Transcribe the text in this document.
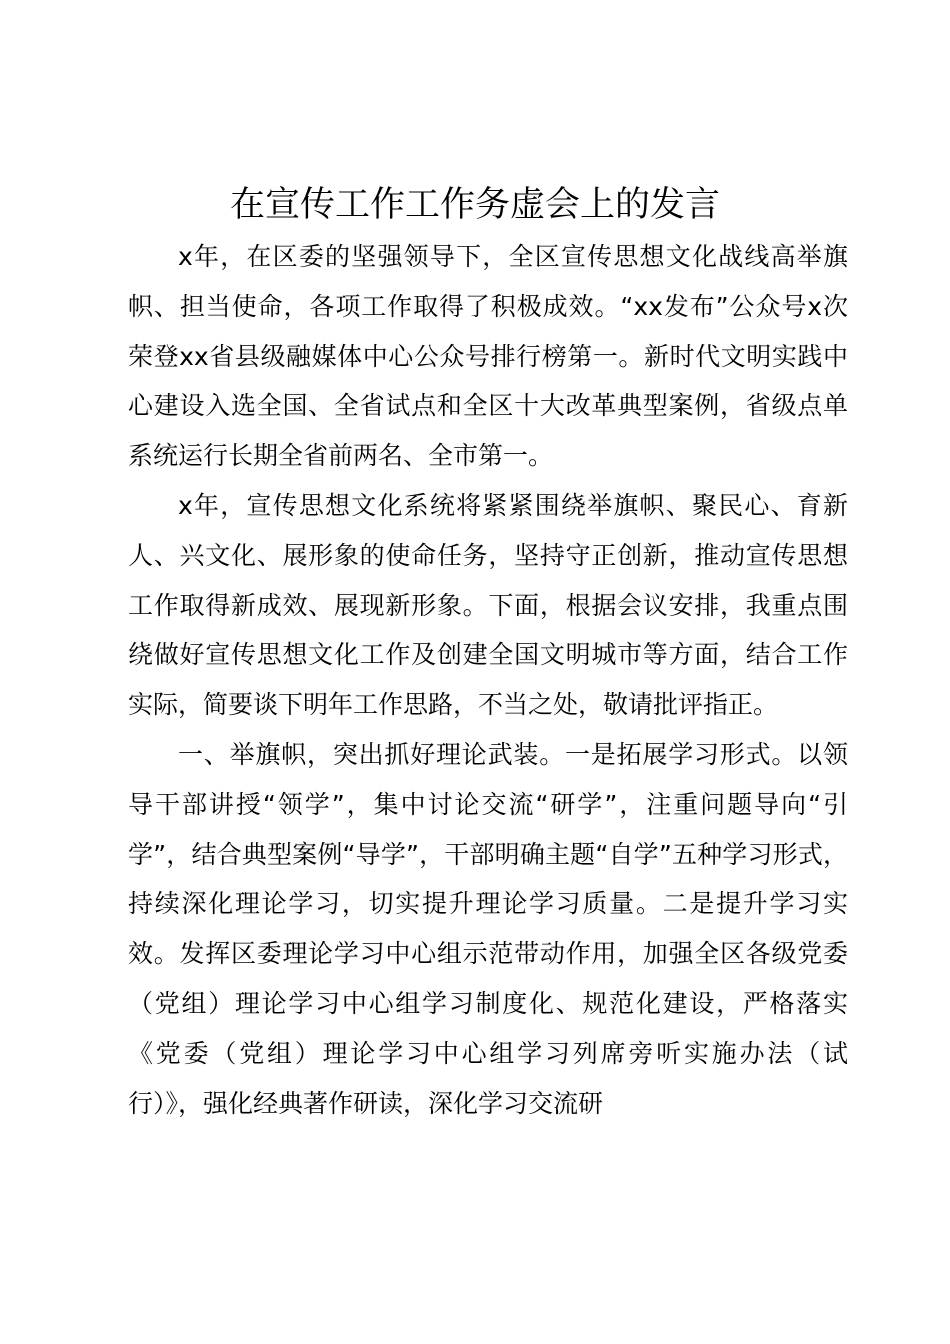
在宣传工作工作务虚会上的发言

x年，在区委的坚强领导下，全区宣传思想文化战线高举旗帜、担当使命，各项工作取得了积极成效。“xx发布”公众号x次荣登xx省县级融媒体中心公众号排行榜第一。新时代文明实践中心建设入选全国、全省试点和全区十大改革典型案例，省级点单系统运行长期全省前两名、全市第一。

x年，宣传思想文化系统将紧紧围绕举旗帜、聚民心、育新人、兴文化、展形象的使命任务，坚持守正创新，推动宣传思想工作取得新成效、展现新形象。下面，根据会议安排，我重点围绕做好宣传思想文化工作及创建全国文明城市等方面，结合工作实际，简要谈下明年工作思路，不当之处，敬请批评指正。

一、举旗帜，突出抓好理论武装。一是拓展学习形式。以领导干部讲授“领学”，集中讨论交流“研学”，注重问题导向“引学”，结合典型案例“导学”，干部明确主题“自学”五种学习形式，持续深化理论学习，切实提升理论学习质量。二是提升学习实效。发挥区委理论学习中心组示范带动作用，加强全区各级党委（党组）理论学习中心组学习制度化、规范化建设，严格落实《党委（党组）理论学习中心组学习列席旁听实施办法（试行）》，强化经典著作研读，深化学习交流研
